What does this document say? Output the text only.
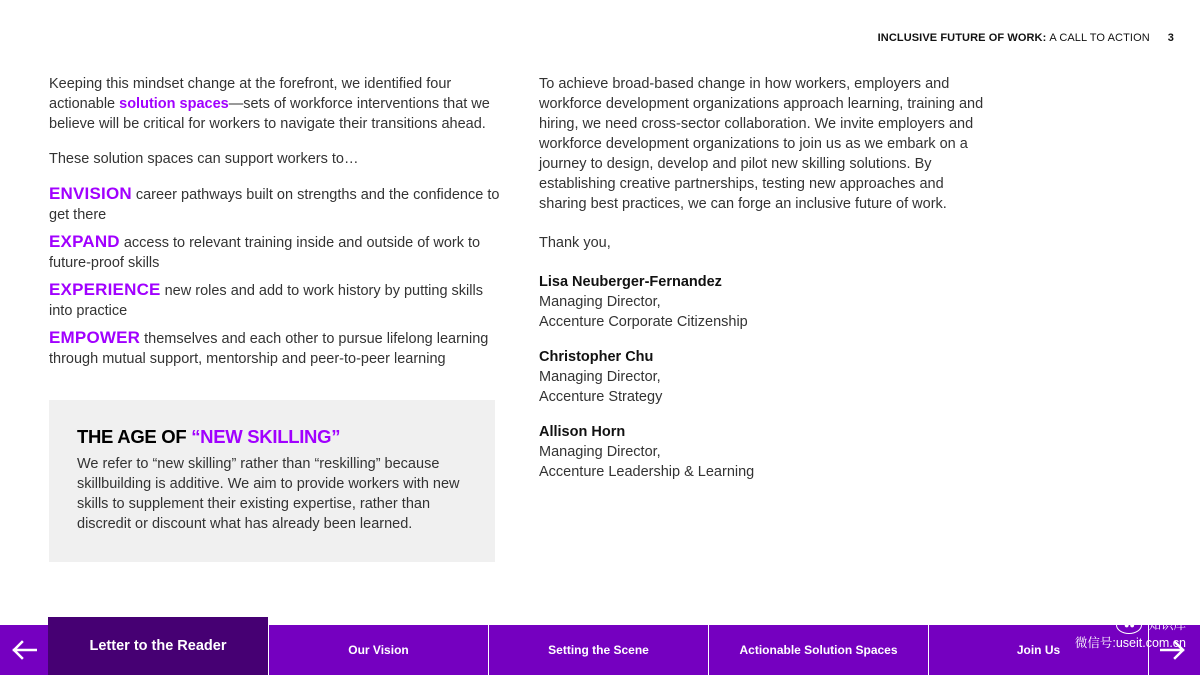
INCLUSIVE FUTURE OF WORK: A CALL TO ACTION 3

Keeping this mindset change at the forefront, we identified four actionable solution spaces—sets of workforce interventions that we believe will be critical for workers to navigate their transitions ahead.

These solution spaces can support workers to…

ENVISION career pathways built on strengths and the confidence to get there

EXPAND access to relevant training inside and outside of work to future-proof skills

EXPERIENCE new roles and add to work history by putting skills into practice

EMPOWER themselves and each other to pursue lifelong learning through mutual support, mentorship and peer-to-peer learning

THE AGE OF “NEW SKILLING”
We refer to “new skilling” rather than “reskilling” because skillbuilding is additive. We aim to provide workers with new skills to supplement their existing expertise, rather than discredit or discount what has already been learned.

To achieve broad-based change in how workers, employers and workforce development organizations approach learning, training and hiring, we need cross-sector collaboration. We invite employers and workforce development organizations to join us as we embark on a journey to design, develop and pilot new skilling solutions. By establishing creative partnerships, testing new approaches and sharing best practices, we can forge an inclusive future of work.

Thank you,

Lisa Neuberger-Fernandez
Managing Director,
Accenture Corporate Citizenship
Christopher Chu
Managing Director,
Accenture Strategy
Allison Horn
Managing Director,
Accenture Leadership & Learning
Letter to the Reader	Our Vision	Setting the Scene	Actionable Solution Spaces	Join Us
●●	知识库
微信号:useit.com.cn
